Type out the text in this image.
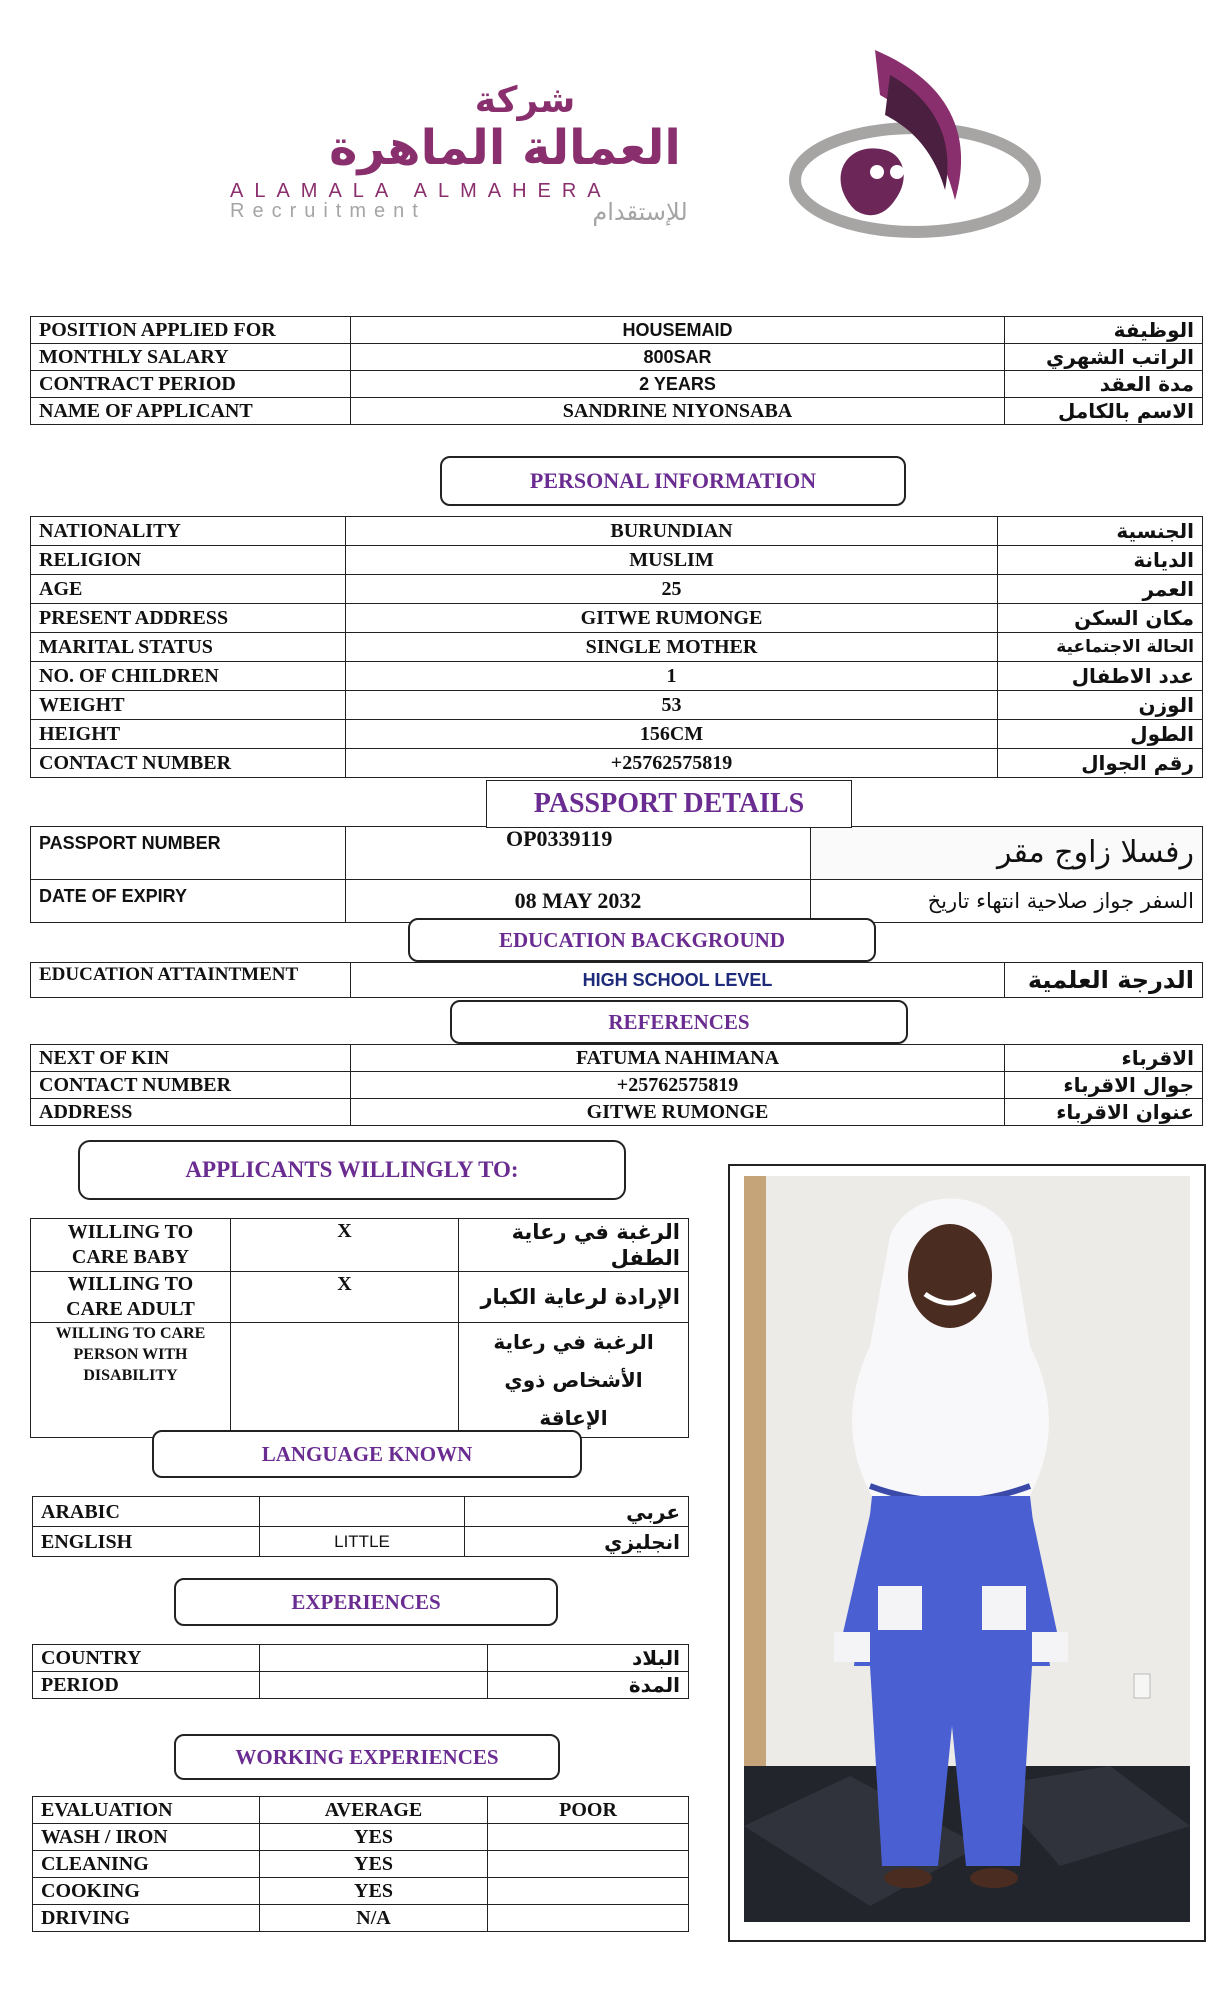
شركة
العمالة الماهرة
ALAMALA ALMAHERA
Recruitment	للإستقدام
POSITION APPLIED FOR	HOUSEMAID	الوظيفة
MONTHLY SALARY	800SAR	الراتب الشهري
CONTRACT PERIOD	2 YEARS	مدة العقد
NAME OF APPLICANT	SANDRINE NIYONSABA	الاسم بالكامل
PERSONAL INFORMATION
NATIONALITY	BURUNDIAN	الجنسية
RELIGION	MUSLIM	الديانة
AGE	25	العمر
PRESENT ADDRESS	GITWE RUMONGE	مكان السكن
MARITAL STATUS	SINGLE MOTHER	الحالة الاجتماعية
NO. OF CHILDREN	1	عدد الاطفال
WEIGHT	53	الوزن
HEIGHT	156CM	الطول
CONTACT NUMBER	+25762575819	رقم الجوال
PASSPORT DETAILS
PASSPORT NUMBER	OP0339119	رفسلا زاوج مقر
DATE OF EXPIRY	08 MAY 2032	السفر جواز صلاحية انتهاء تاريخ
EDUCATION BACKGROUND
EDUCATION ATTAINTMENT	HIGH SCHOOL LEVEL	الدرجة العلمية
REFERENCES
NEXT OF KIN	FATUMA NAHIMANA	الاقرباء
CONTACT NUMBER	+25762575819	جوال الاقرباء
ADDRESS	GITWE RUMONGE	عنوان الاقرباء
APPLICANTS WILLINGLY TO:
WILLING TO CARE BABY	X	الرغبة في رعاية الطفل
WILLING TO CARE ADULT	X	الإرادة لرعاية الكبار
WILLING TO CARE PERSON WITH DISABILITY		الرغبة في رعاية الأشخاص ذوي الإعاقة
LANGUAGE KNOWN
ARABIC		عربي
ENGLISH	LITTLE	انجليزي
EXPERIENCES
COUNTRY		البلاد
PERIOD		المدة
WORKING EXPERIENCES
EVALUATION	AVERAGE	POOR
WASH / IRON	YES	
CLEANING	YES	
COOKING	YES	
DRIVING	N/A	
